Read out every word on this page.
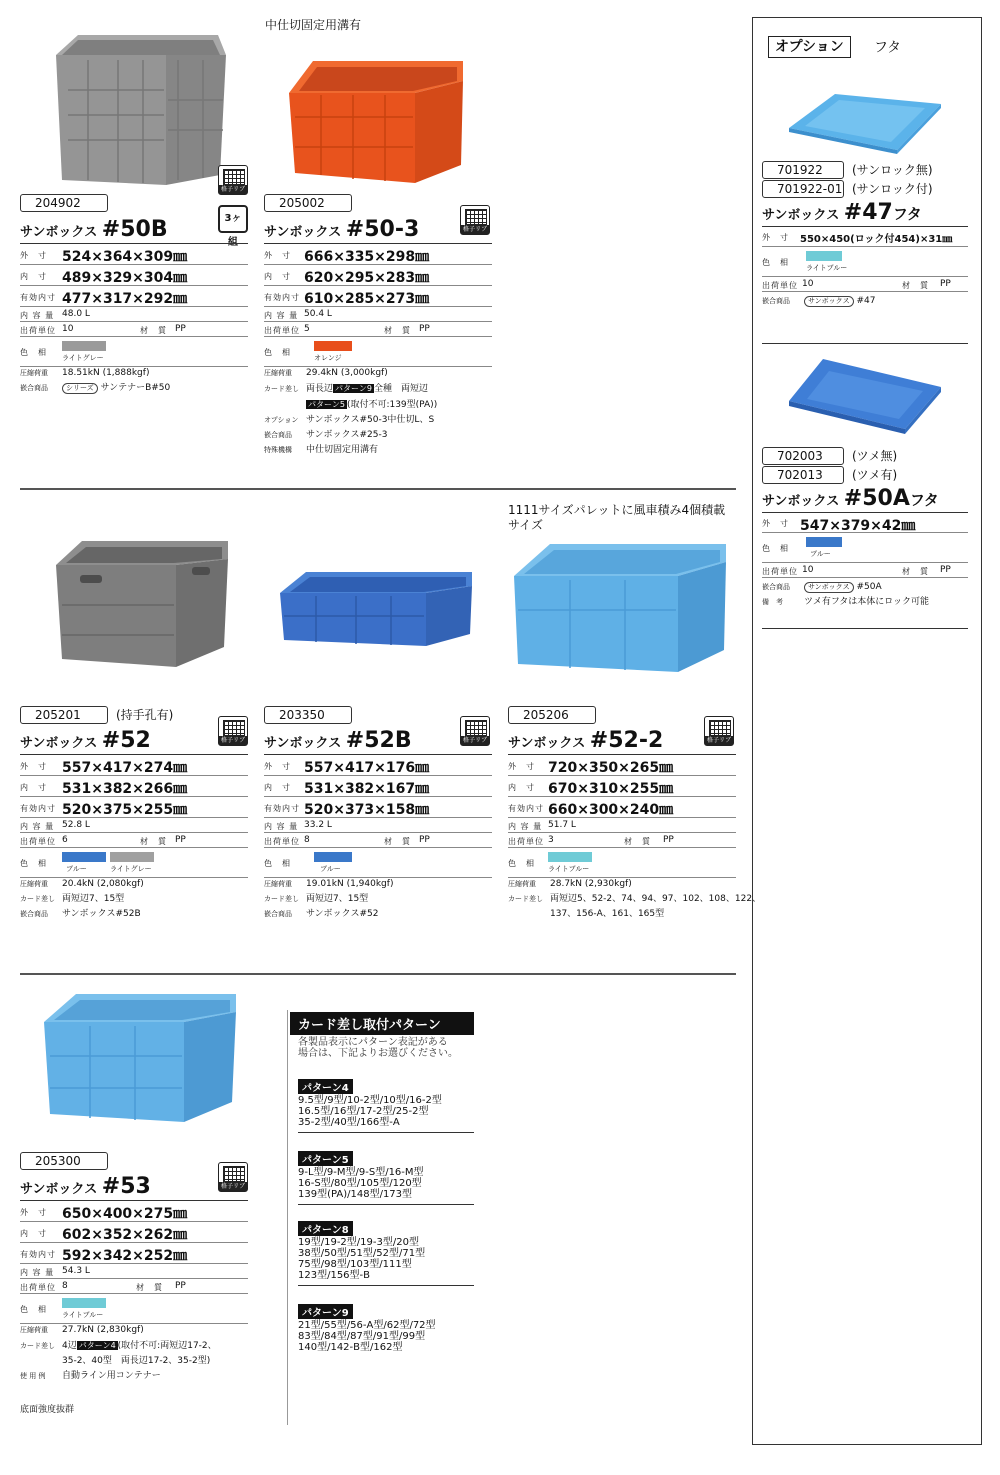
中仕切固定用溝有
1111サイズパレットに風車積み4個積載サイズ
格子リブ
3ヶ
204902
サンボックス #50B
外　寸 524×364×309㎜
内　寸 489×329×304㎜
有効内寸 477×317×292㎜
内 容 量 48.0 L
出荷単位 10	材　質 PP
色　相
ライトグレー
圧縮荷重 18.51kN (1,888kgf)
嵌合商品	シリーズ サンテナーB#50
格子リブ
205002
サンボックス #50-3
外　寸 666×335×298㎜
内　寸 620×295×283㎜
有効内寸 610×285×273㎜
内 容 量 50.4 L
出荷単位 5	材　質 PP
色　相
オレンジ
圧縮荷重 29.4kN (3,000kgf)
カード差し 両長辺 パターン9 全種　両短辺
パターン5 (取付不可:139型(PA))
オプション サンボックス#50-3中仕切L、S
嵌合商品 サンボックス#25-3
特殊機構 中仕切固定用溝有
格子リブ
205201	(持手孔有)
サンボックス #52
外　寸 557×417×274㎜
内　寸 531×382×266㎜
有効内寸 520×375×255㎜
内 容 量 52.8 L
出荷単位 6	材　質 PP
色　相
ブルー	ライトグレー
圧縮荷重 20.4kN (2,080kgf)
カード差し 両短辺7、15型
嵌合商品 サンボックス#52B
格子リブ
203350
サンボックス #52B
外　寸 557×417×176㎜
内　寸 531×382×167㎜
有効内寸 520×373×158㎜
内 容 量 33.2 L
出荷単位 8	材　質 PP
色　相
ブルー
圧縮荷重 19.01kN (1,940kgf)
カード差し 両短辺7、15型
嵌合商品 サンボックス#52
格子リブ
205206
サンボックス #52-2
外　寸 720×350×265㎜
内　寸 670×310×255㎜
有効内寸 660×300×240㎜
内 容 量 51.7 L
出荷単位 3	材　質 PP
色　相
ライトブルー
圧縮荷重 28.7kN (2,930kgf)
カード差し 両短辺5、52-2、74、94、97、102、108、122、
137、156-A、161、165型
格子リブ
205300
サンボックス #53
外　寸 650×400×275㎜
内　寸 602×352×262㎜
有効内寸 592×342×252㎜
内 容 量 54.3 L
出荷単位 8	材　質 PP
色　相
ライトブルー
圧縮荷重 27.7kN (2,830kgf)
カード差し 4辺 パターン4 (取付不可:両短辺17-2、
35-2、40型　両長辺17-2、35-2型)
使 用 例 自動ライン用コンテナー
底面強度抜群
カード差し取付パターン
各製品表示にパターン表記がある
場合は、下記よりお選びください。
パターン4
9.5型/9型/10-2型/10型/16-2型
16.5型/16型/17-2型/25-2型
35-2型/40型/166型-A
パターン5
9-L型/9-M型/9-S型/16-M型
16-S型/80型/105型/120型
139型(PA)/148型/173型
パターン8
19型/19-2型/19-3型/20型
38型/50型/51型/52型/71型
75型/98型/103型/111型
123型/156型-B
パターン9
21型/55型/56-A型/62型/72型
83型/84型/87型/91型/99型
140型/142-B型/162型
オプション	フタ
701922	(サンロック無)
701922-01 (サンロック付)
サンボックス #47フタ
外　寸 550×450(ロック付454)×31㎜
色　相
ライトブルー
出荷単位 10	材　質 PP
嵌合商品	サンボックス #47
702003	(ツメ無)
702013	(ツメ有)
サンボックス #50Aフタ
外　寸 547×379×42㎜
色　相
ブルー
出荷単位 10	材　質 PP
嵌合商品	サンボックス #50A
備　考 ツメ有フタは本体にロック可能
